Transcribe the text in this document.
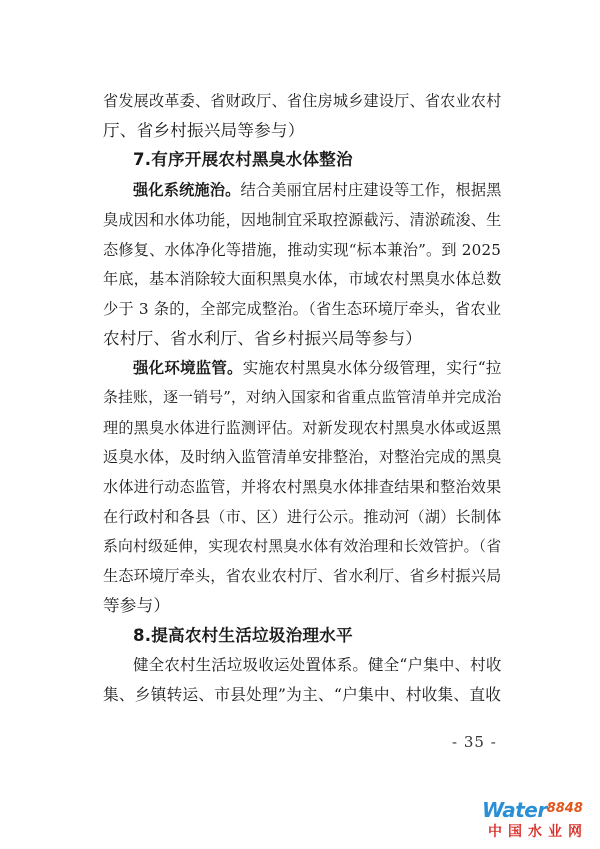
省发展改革委、省财政厅、省住房城乡建设厅、省农业农村
厅、省乡村振兴局等参与）
7.有序开展农村黑臭水体整治
强化系统施治。结合美丽宜居村庄建设等工作，根据黑
臭成因和水体功能，因地制宜采取控源截污、清淤疏浚、生
态修复、水体净化等措施，推动实现“标本兼治”。到 2025
年底，基本消除较大面积黑臭水体，市域农村黑臭水体总数
少于 3 条的，全部完成整治。（省生态环境厅牵头，省农业
农村厅、省水利厅、省乡村振兴局等参与）
强化环境监管。实施农村黑臭水体分级管理，实行“拉
条挂账，逐一销号”，对纳入国家和省重点监管清单并完成治
理的黑臭水体进行监测评估。对新发现农村黑臭水体或返黑
返臭水体，及时纳入监管清单安排整治，对整治完成的黑臭
水体进行动态监管，并将农村黑臭水体排查结果和整治效果
在行政村和各县（市、区）进行公示。推动河（湖）长制体
系向村级延伸，实现农村黑臭水体有效治理和长效管护。（省
生态环境厅牵头，省农业农村厅、省水利厅、省乡村振兴局
等参与）
8.提高农村生活垃圾治理水平
健全农村生活垃圾收运处置体系。健全“户集中、村收
集、乡镇转运、市县处理”为主、“户集中、村收集、直收
- 35 -
Water$^{8848}$
中国水业网
